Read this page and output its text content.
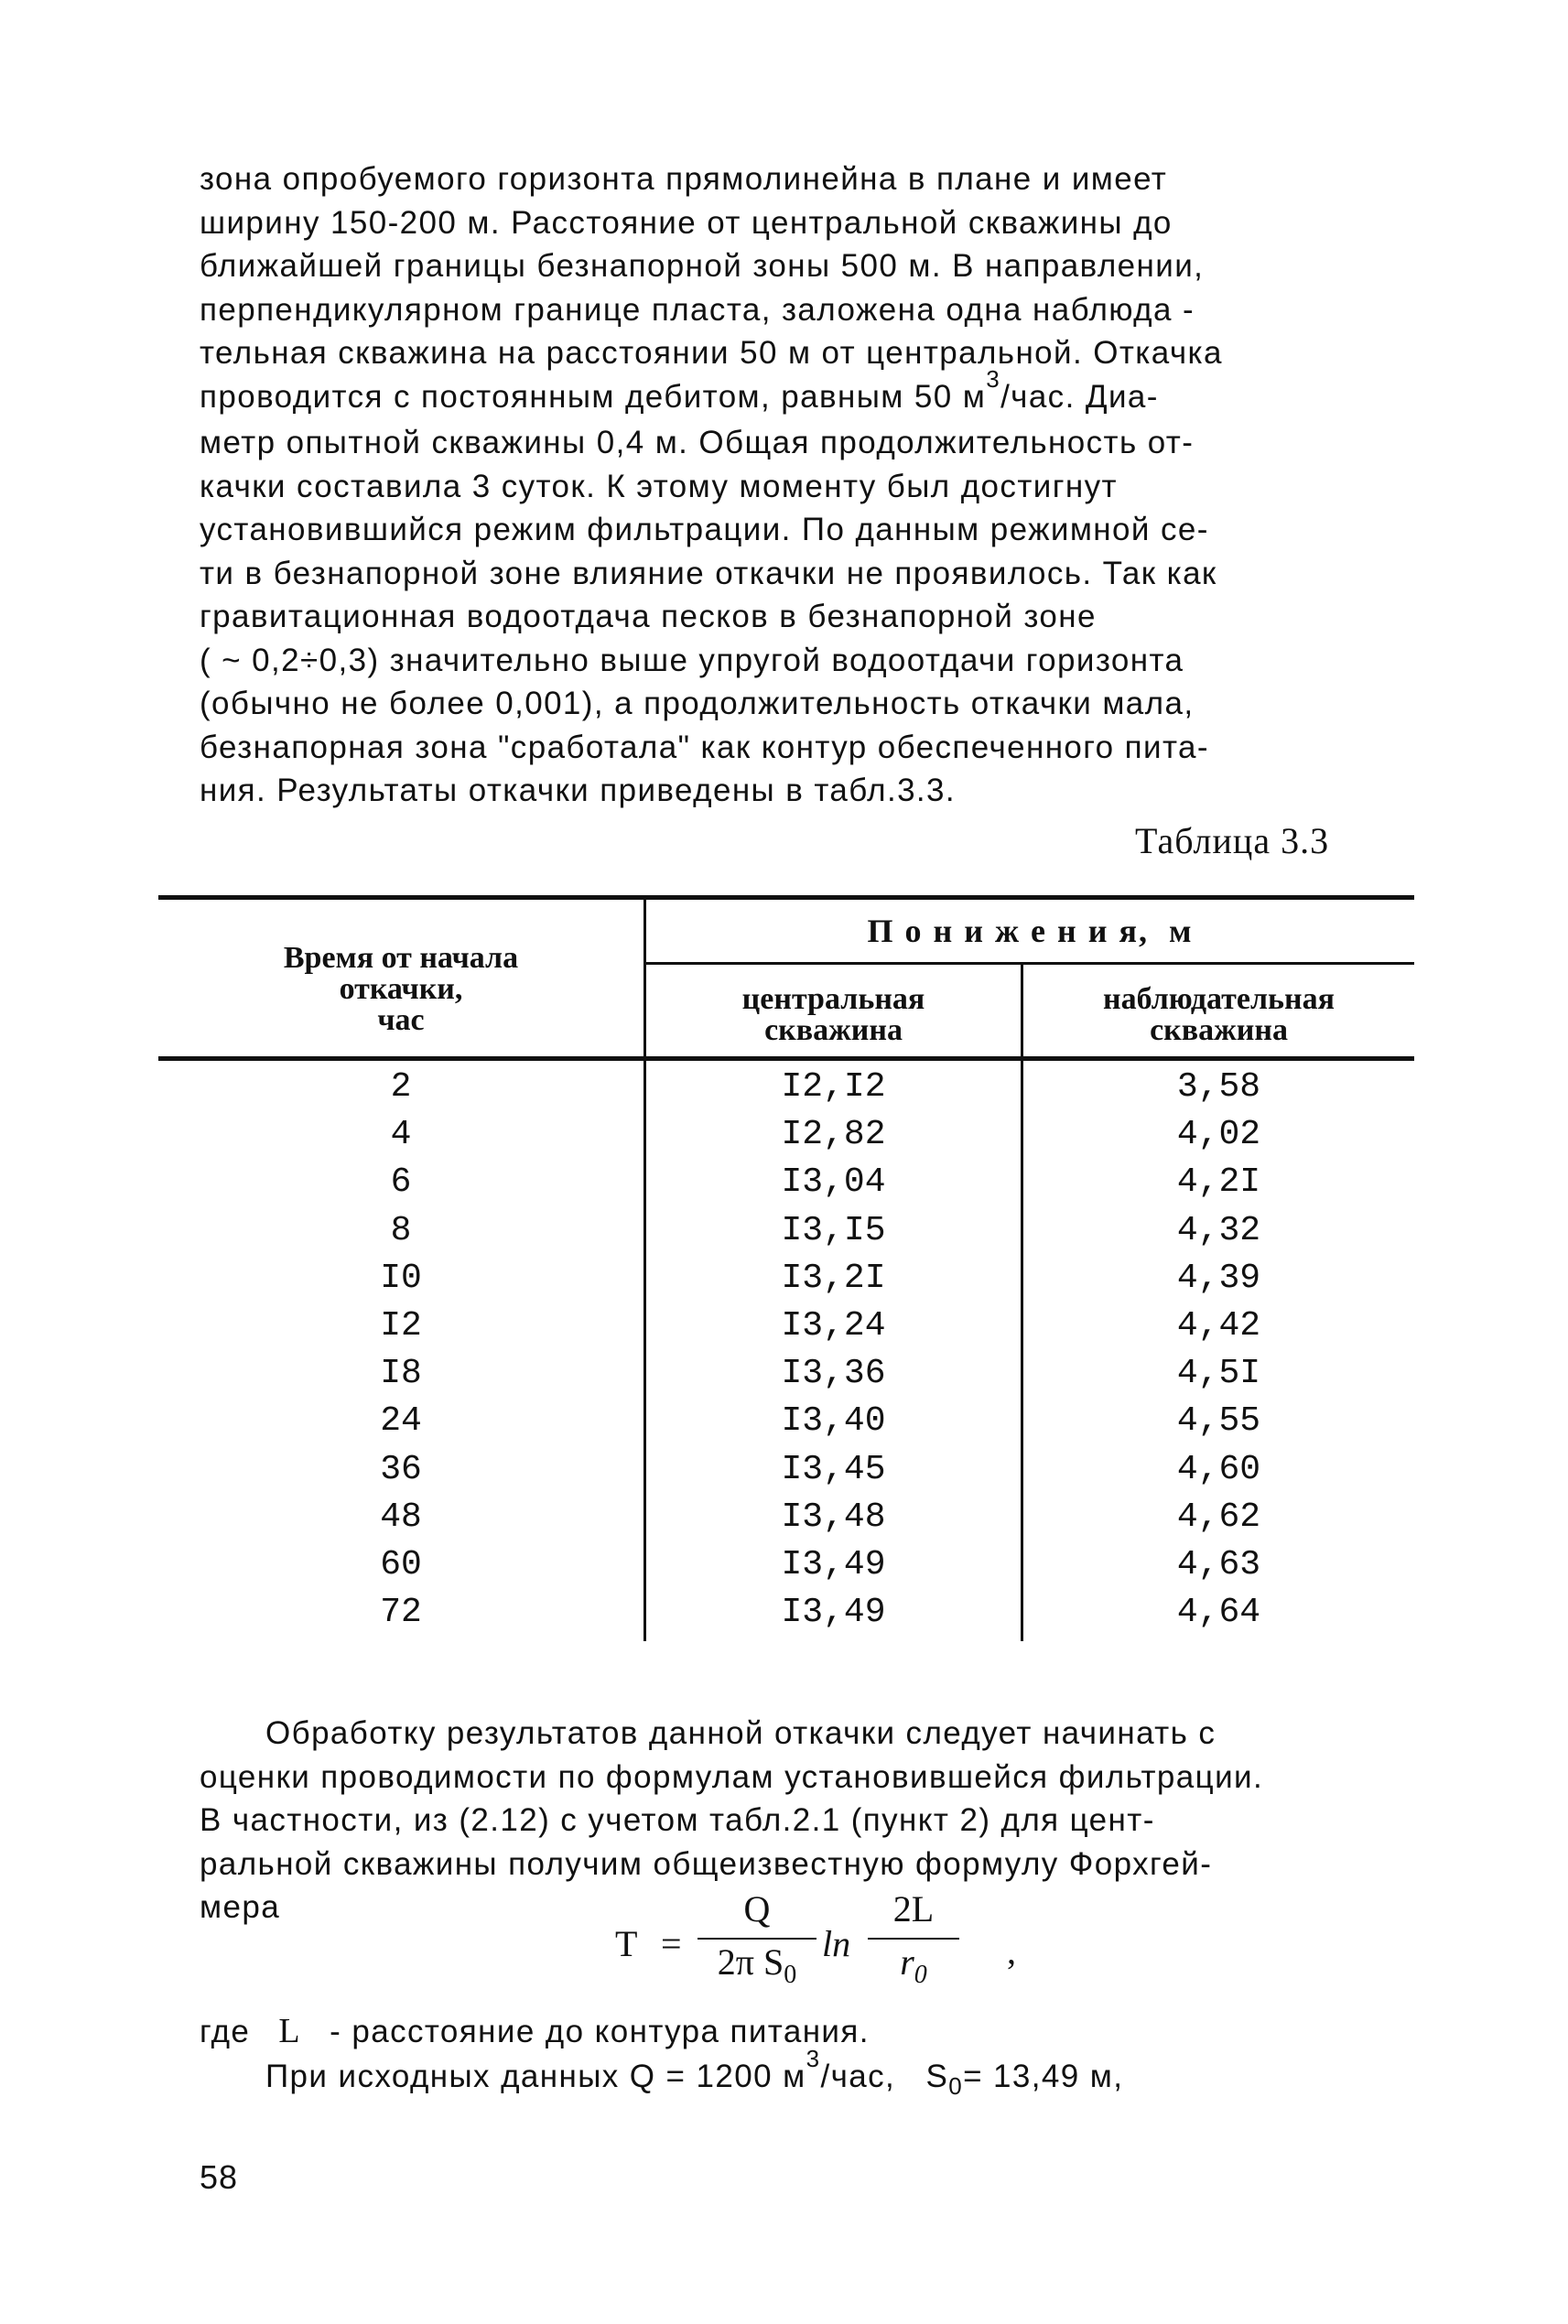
зона опробуемого горизонта прямолинейна в плане и имеет
ширину 150-200 м. Расстояние от центральной скважины до
ближайшей границы безнапорной зоны 500 м. В направлении,
перпендикулярном границе пласта, заложена одна наблюда -
тельная скважина на расстоянии 50 м от центральной. Откачка
проводится с постоянным дебитом, равным 50 $м^3$/час. Диа-
метр опытной скважины 0,4 м. Общая продолжительность от-
качки составила 3 суток. К этому моменту был достигнут
установившийся режим фильтрации. По данным режимной се-
ти в безнапорной зоне влияние откачки не проявилось. Так как
гравитационная водоотдача песков в безнапорной зоне
( ~ 0,2÷0,3) значительно выше упругой водоотдачи горизонта
(обычно не более 0,001), а продолжительность откачки мала,
безнапорная зона "сработала" как контур обеспеченного пита-
ния. Результаты откачки приведены в табл.3.3.
Таблица 3.3
Время от начала
откачки,
час
П о н и ж е н и я,  м
центральная
скважина
наблюдательная
скважина
2
4
6
8
I0
I2
I8
24
36
48
60
72
I2,I2
I2,82
I3,04
I3,I5
I3,2I
I3,24
I3,36
I3,40
I3,45
I3,48
I3,49
I3,49
3,58
4,02
4,2I
4,32
4,39
4,42
4,5I
4,55
4,60
4,62
4,63
4,64
Обработку результатов данной откачки следует начинать с
оценки проводимости по формулам установившейся фильтрации.
В частности, из (2.12) с учетом табл.2.1 (пункт 2) для цент-
ральной скважины получим общеизвестную формулу Форхгей-
мера
T =
Q
2π $S_0$
ln
2L
$r_0$
,
где L - расстояние до контура питания.
При исходных данных Q = 1200 $м^3$/час,   $S_0= 13,49$ м,
58
